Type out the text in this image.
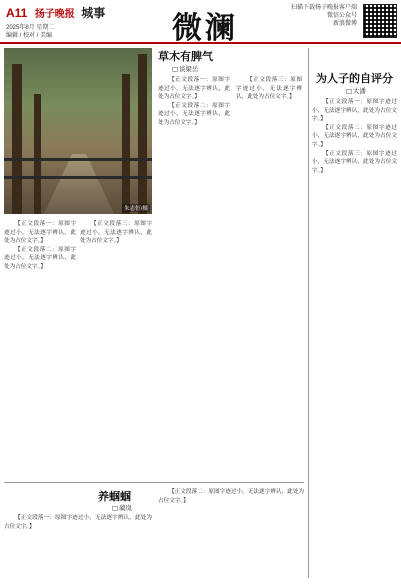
A11 扬子晚报 城事
2025年8月 星期二
编辑 / 校对 / 美编	微澜
扫描下载扬子晚报客户端
微信公众号
新浪微博
朱志恒/摄

【正文段落一：原图字迹过小，无法逐字辨认，此处为占位文字。】

【正文段落二：原图字迹过小，无法逐字辨认，此处为占位文字。】

【正文段落三：原图字迹过小，无法逐字辨认，此处为占位文字。】

草木有脾气
□ 谈梁岳

【正文段落一：原图字迹过小，无法逐字辨认，此处为占位文字。】

【正文段落二：原图字迹过小，无法逐字辨认，此处为占位文字。】

【正文段落三：原图字迹过小，无法逐字辨认，此处为占位文字。】

为人子的自评分
□ 大潘

【正文段落一：原图字迹过小，无法逐字辨认，此处为占位文字。】

【正文段落二：原图字迹过小，无法逐字辨认，此处为占位文字。】

【正文段落三：原图字迹过小，无法逐字辨认，此处为占位文字。】

养蝈蝈
□ 蔺岚

【正文段落一：原图字迹过小，无法逐字辨认，此处为占位文字。】

【正文段落二：原图字迹过小，无法逐字辨认，此处为占位文字。】
